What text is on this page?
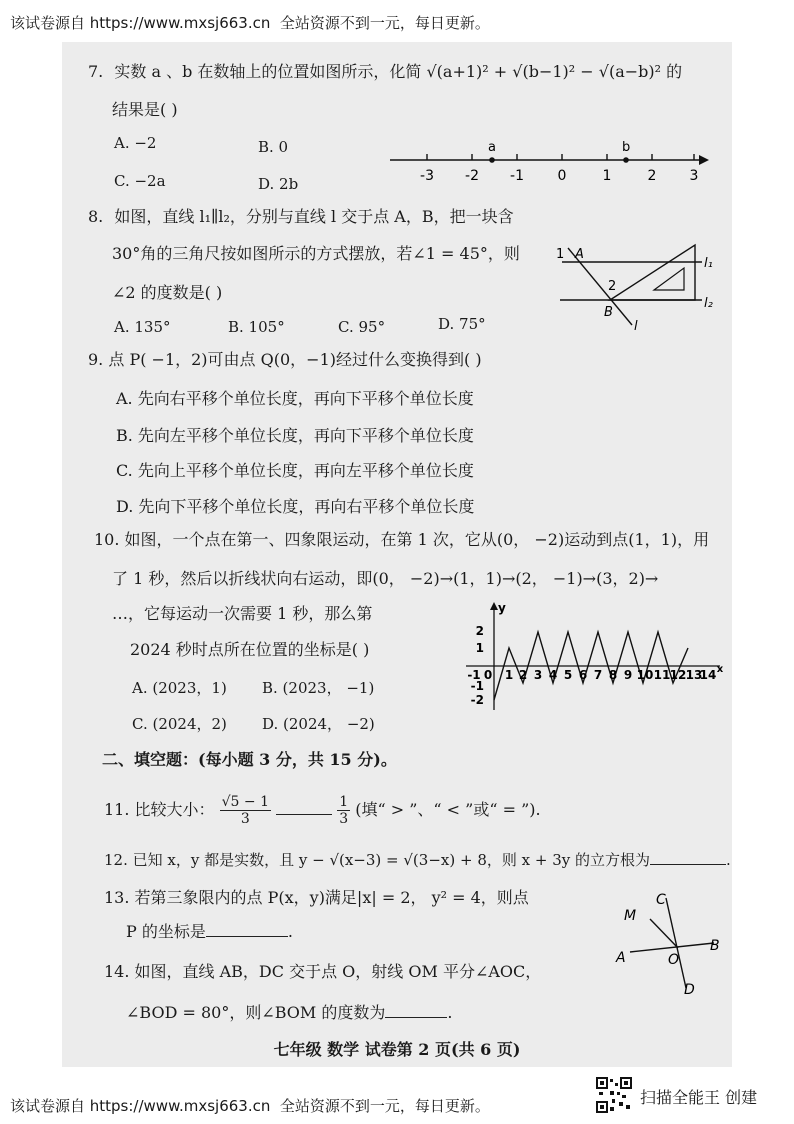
该试卷源自 https://www.mxsj663.cn  全站资源不到一元，每日更新。
7. 实数 a 、b 在数轴上的位置如图所示，化简 √(a+1)² + √(b−1)² − √(a−b)² 的
结果是( )
A. −2	B. 0
C. −2a	D. 2b
a	b
-3 -2 -1 0	1	2 3
8. 如图，直线 l₁∥l₂，分别与直线 l 交于点 A，B，把一块含
30°角的三角尺按如图所示的方式摆放，若∠1 = 45°，则
∠2 的度数是( )
A. 135°	B. 105°	C. 95°	D. 75°
1 A
2
B
l₁
l₂
l
9. 点 P( −1，2)可由点 Q(0，−1)经过什么变换得到( )
A. 先向右平移个单位长度，再向下平移个单位长度
B. 先向左平移个单位长度，再向下平移个单位长度
C. 先向上平移个单位长度，再向左平移个单位长度
D. 先向下平移个单位长度，再向右平移个单位长度
10. 如图，一个点在第一、四象限运动，在第 1 次，它从(0， −2)运动到点(1，1)，用
了 1 秒，然后以折线状向右运动，即(0， −2)→(1，1)→(2， −1)→(3，2)→
…，它每运动一次需要 1 秒，那么第
2024 秒时点所在位置的坐标是( )
A. (2023，1) B. (2023， −1)
C. (2024，2) D. (2024， −2)
y
2
1
-1
-2
-1 0 1 2 3 4 5 6 7 8 9 10 11 12 13
14 x
二、填空题：(每小题 3 分，共 15 分)。
11. 比较大小： $\frac{√5 - 1}{3}$
	$\frac{1}{3}$ (填“ > ”、“ < ”或“ = ”).
12. 已知 x，y 都是实数，且 y − √(x−3) = √(3−x) + 8，则 x + 3y 的立方根为	.
13. 若第三象限内的点 P(x，y)满足|x| = 2， y² = 4，则点
P 的坐标是	.
14. 如图，直线 AB，DC 交于点 O，射线 OM 平分∠AOC，
∠BOD = 80°，则∠BOM 的度数为	.
M
C
A	O
B
D
七年级 数学 试卷第 2 页(共 6 页)
该试卷源自 https://www.mxsj663.cn  全站资源不到一元，每日更新。	扫描全能王 创建
